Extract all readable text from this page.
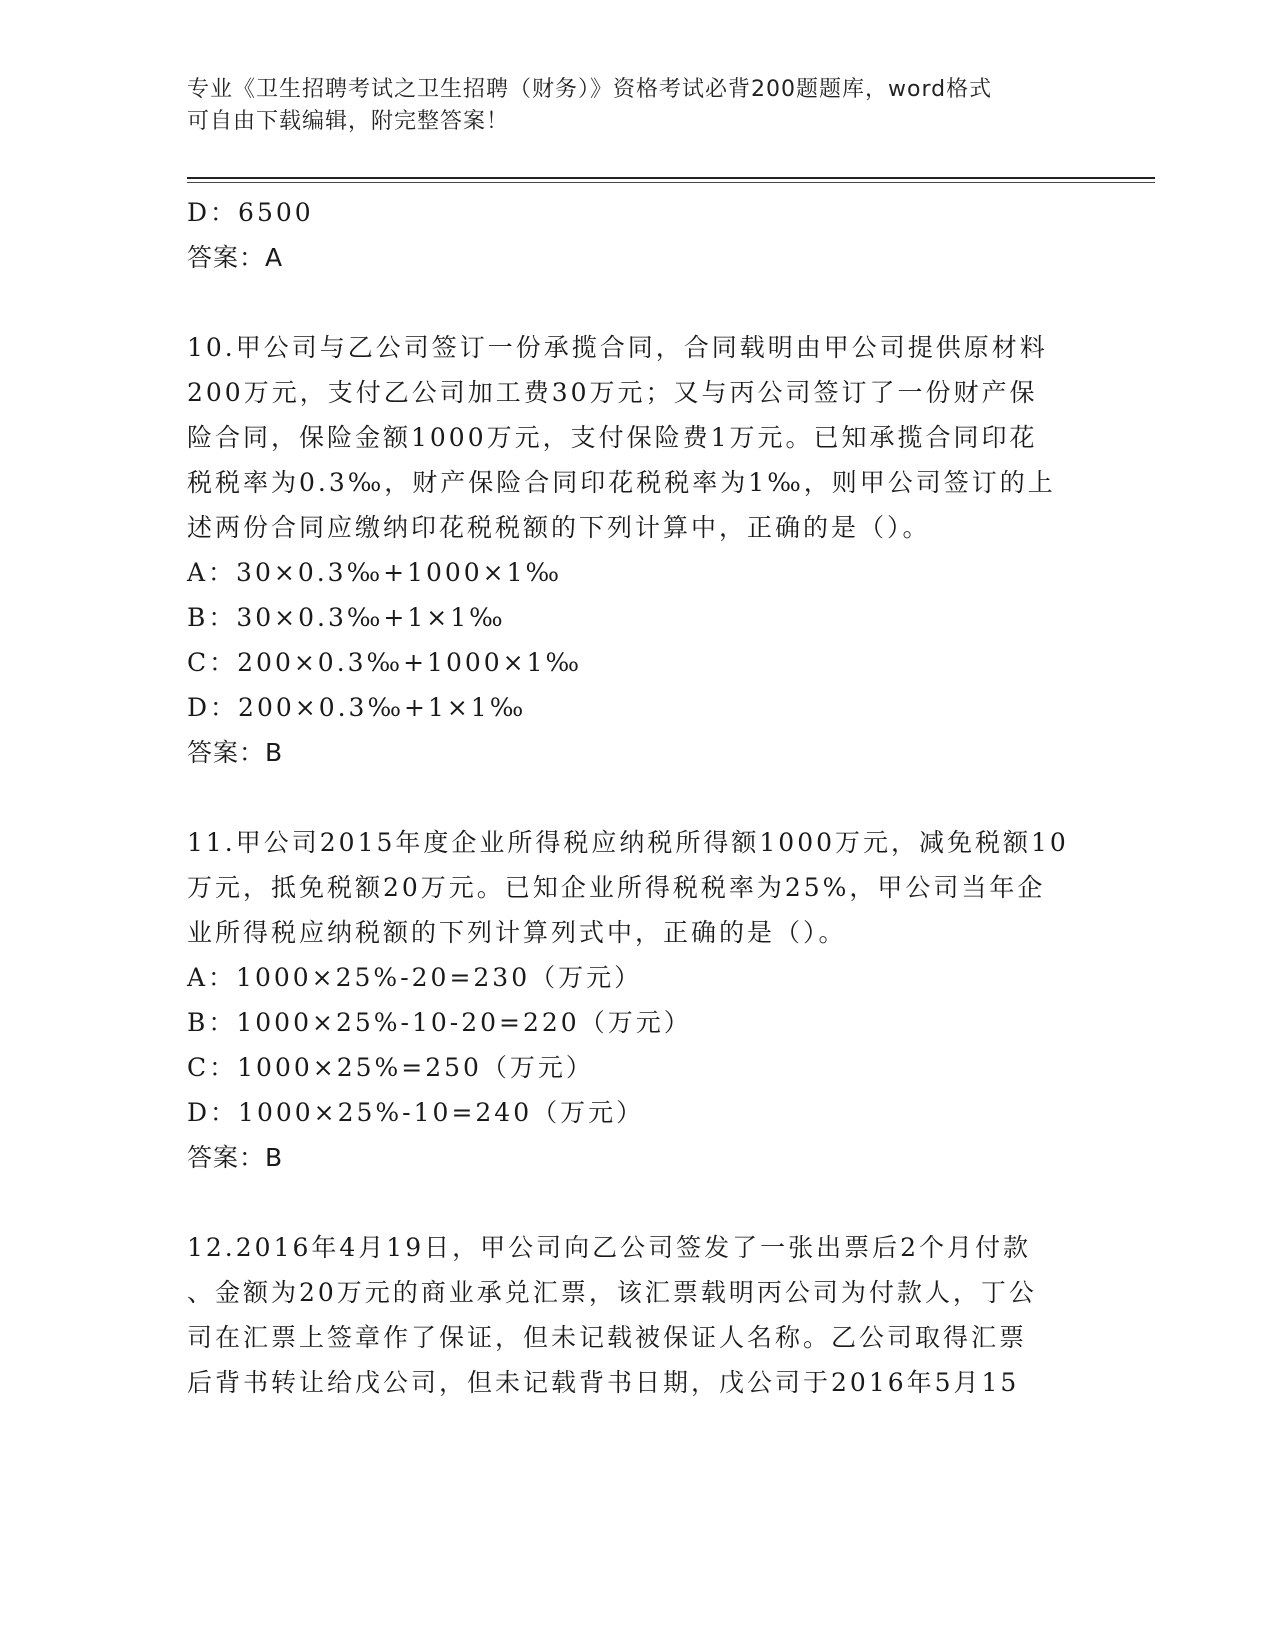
专业《卫生招聘考试之卫生招聘（财务）》资格考试必背200题题库，word格式
可自由下载编辑，附完整答案！
D：6500
答案：A
10.甲公司与乙公司签订一份承揽合同，合同载明由甲公司提供原材料
200万元，支付乙公司加工费30万元；又与丙公司签订了一份财产保
险合同，保险金额1000万元，支付保险费1万元。已知承揽合同印花
税税率为0.3‰，财产保险合同印花税税率为1‰，则甲公司签订的上
述两份合同应缴纳印花税税额的下列计算中，正确的是（）。
A：30×0.3‰+1000×1‰
B：30×0.3‰+1×1‰
C：200×0.3‰+1000×1‰
D：200×0.3‰+1×1‰
答案：B
11.甲公司2015年度企业所得税应纳税所得额1000万元，减免税额10
万元，抵免税额20万元。已知企业所得税税率为25%，甲公司当年企
业所得税应纳税额的下列计算列式中，正确的是（）。
A：1000×25%-20=230（万元）
B：1000×25%-10-20=220（万元）
C：1000×25%=250（万元）
D：1000×25%-10=240（万元）
答案：B
12.2016年4月19日，甲公司向乙公司签发了一张出票后2个月付款
、金额为20万元的商业承兑汇票，该汇票载明丙公司为付款人，丁公
司在汇票上签章作了保证，但未记载被保证人名称。乙公司取得汇票
后背书转让给戊公司，但未记载背书日期，戊公司于2016年5月15
